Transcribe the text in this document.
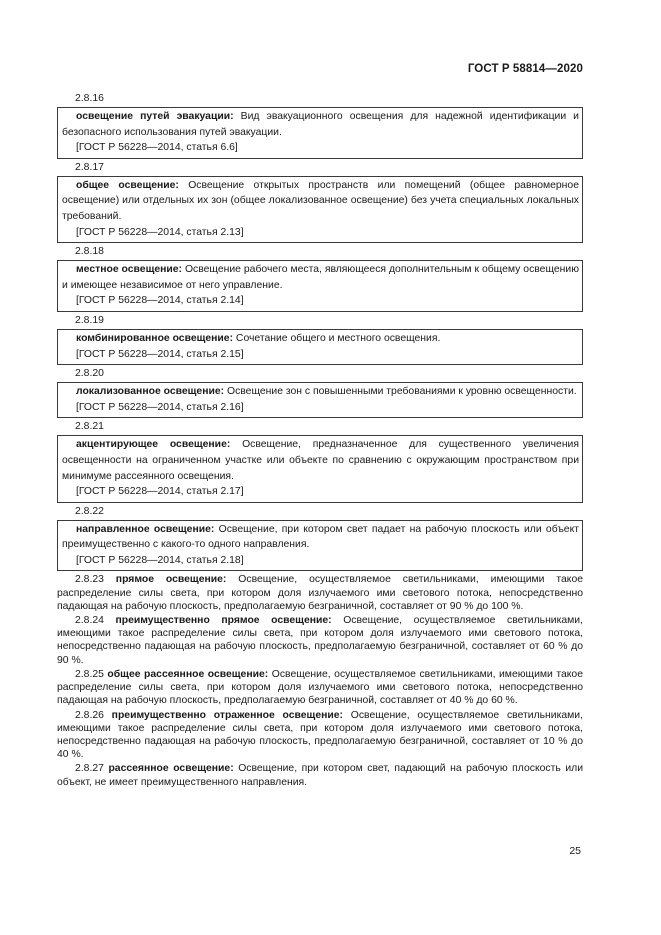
ГОСТ Р 58814—2020
2.8.16

освещение путей эвакуации: Вид эвакуационного освещения для надежной идентификации и безопасного использования путей эвакуации.

[ГОСТ Р 56228—2014, статья 6.6]

2.8.17

общее освещение: Освещение открытых пространств или помещений (общее равномерное освещение) или отдельных их зон (общее локализованное освещение) без учета специальных локальных требований.

[ГОСТ Р 56228—2014, статья 2.13]

2.8.18

местное освещение: Освещение рабочего места, являющееся дополнительным к общему освещению и имеющее независимое от него управление.

[ГОСТ Р 56228—2014, статья 2.14]

2.8.19

комбинированное освещение: Сочетание общего и местного освещения.

[ГОСТ Р 56228—2014, статья 2.15]

2.8.20

локализованное освещение: Освещение зон с повышенными требованиями к уровню освещенности.

[ГОСТ Р 56228—2014, статья 2.16]

2.8.21

акцентирующее освещение: Освещение, предназначенное для существенного увеличения освещенности на ограниченном участке или объекте по сравнению с окружающим пространством при минимуме рассеянного освещения.

[ГОСТ Р 56228—2014, статья 2.17]

2.8.22

направленное освещение: Освещение, при котором свет падает на рабочую плоскость или объект преимущественно с какого-то одного направления.

[ГОСТ Р 56228—2014, статья 2.18]

2.8.23 прямое освещение: Освещение, осуществляемое светильниками, имеющими такое распределение силы света, при котором доля излучаемого ими светового потока, непосредственно падающая на рабочую плоскость, предполагаемую безграничной, составляет от 90 % до 100 %.

2.8.24 преимущественно прямое освещение: Освещение, осуществляемое светильниками, имеющими такое распределение силы света, при котором доля излучаемого ими светового потока, непосредственно падающая на рабочую плоскость, предполагаемую безграничной, составляет от 60 % до 90 %.

2.8.25 общее рассеянное освещение: Освещение, осуществляемое светильниками, имеющими такое распределение силы света, при котором доля излучаемого ими светового потока, непосредственно падающая на рабочую плоскость, предполагаемую безграничной, составляет от 40 % до 60 %.

2.8.26 преимущественно отраженное освещение: Освещение, осуществляемое светильниками, имеющими такое распределение силы света, при котором доля излучаемого ими светового потока, непосредственно падающая на рабочую плоскость, предполагаемую безграничной, составляет от 10 % до 40 %.

2.8.27 рассеянное освещение: Освещение, при котором свет, падающий на рабочую плоскость или объект, не имеет преимущественного направления.

25
